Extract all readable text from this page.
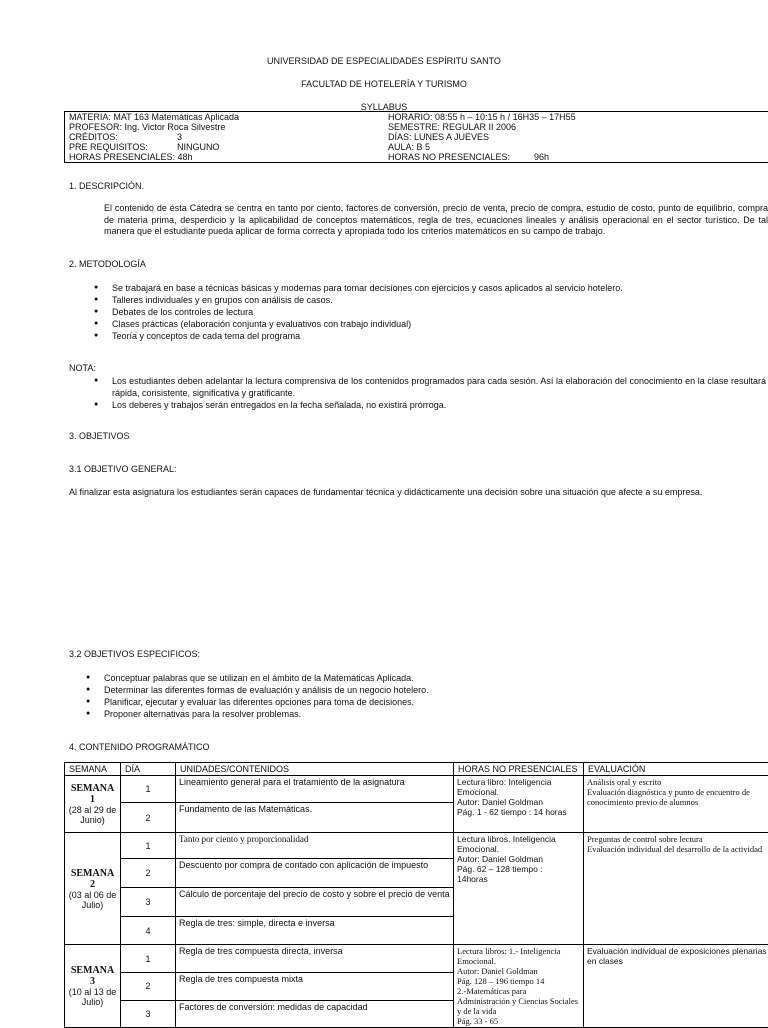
UNIVERSIDAD DE ESPECIALIDADES ESPÍRITU SANTO
FACULTAD DE HOTELERÍA Y TURISMO
SYLLABUS
MATERIA: MAT 163 Matemáticas Aplicada	HORARIO: 08:55 h – 10:15 h / 16H35 – 17H55
PROFESOR: Ing. Victor Roca Silvestre	SEMESTRE: REGULAR II 2006
CRÉDITOS: 3	DÍAS: LUNES A JUEVES
PRE REQUISITOS: NINGUNO	AULA: B 5
HORAS PRESENCIALES: 48h	HORAS NO PRESENCIALES: 96h
1. DESCRIPCIÓN.
El contenido de ésta Cátedra se centra en tanto por ciento, factores de conversión, precio de venta, precio de compra, estudio de costo, punto de equilibrio, compra de materia prima, desperdicio y la aplicabilidad de conceptos matemáticos, regla de tres, ecuaciones lineales y análisis operacional en el sector turístico. De tal manera que el estudiante pueda aplicar de forma correcta y apropiada todo los criterios matemáticos en su campo de trabajo.
2. METODOLOGÍA
● Se trabajará en base a técnicas básicas y modernas para tomar decisiones con ejercicios y casos aplicados al servicio hotelero.
● Talleres individuales y en grupos con análisis de casos.
● Debates de los controles de lectura
● Clases prácticas (elaboración conjunta y evaluativos con trabajo individual)
● Teoría y conceptos de cada tema del programa
NOTA:
● Los estudiantes deben adelantar la lectura comprensiva de los contenidos programados para cada sesión. Así la elaboración del conocimiento en la clase resultará rápida, consistente, significativa y gratificante.
● Los deberes y trabajos serán entregados en la fecha señalada, no existirá prórroga.
3. OBJETIVOS
3.1 OBJETIVO GENERAL:
Al finalizar esta asignatura los estudiantes serán capaces de fundamentar técnica y didácticamente una decisión sobre una situación que afecte a su empresa.
3.2 OBJETIVOS ESPECIFICOS:
● Conceptuar palabras que se utilizan en el ámbito de la Matemáticas Aplicada.
● Determinar las diferentes formas de evaluación y análisis de un negocio hotelero.
● Planificar, ejecutar y evaluar las diferentes opciones para toma de decisiones.
● Proponer alternativas para la resolver problemas.
4. CONTENIDO PROGRAMÁTICO
SEMANA	DÍA	UNIDADES/CONTENIDOS	HORAS NO PRESENCIALES	EVALUACIÓN
SEMANA
1
(28 al 29 de Junio)	1	Lineamiento general para el tratamiento de la asignatura	Lectura libro: Inteligencia Emocional.
Autor: Daniel Goldman
Pág. 1 - 62 tiempo : 14 horas	Análisis oral y escrito
Evaluación diagnóstica y punto de encuentro de conocimiento previo de alumnos
	2	Fundamento de las Matemáticas.		
SEMANA
2
(03 al 06 de Julio)	1	Tanto por ciento y proporcionalidad	Lectura libros. Inteligencia Emocional.
Autor: Daniel Goldman
Pág. 62 – 128 tiempo :
14horas	Preguntas de control sobre lectura
Evaluación individual del desarrollo de la actividad
	2	Descuento por compra de contado con aplicación de impuesto		
	3	Cálculo de porcentaje del precio de costo y sobre el precio de venta		
	4	Regla de tres: simple, directa e inversa		
SEMANA
3
(10 al 13 de Julio)	1	Regla de tres compuesta directa, inversa	Lectura libros: 1.- Inteligencia Emocional.
Autor: Daniel Goldman
Pág. 128 – 196 tiempo 14
2.-Matemáticas para Administración y Ciencias Sociales y de la vida
Pág. 33 - 65	Evaluación individual de exposiciones plenarias en clases
	2	Regla de tres compuesta mixta		
	3	Factores de conversión: medidas de capacidad		
